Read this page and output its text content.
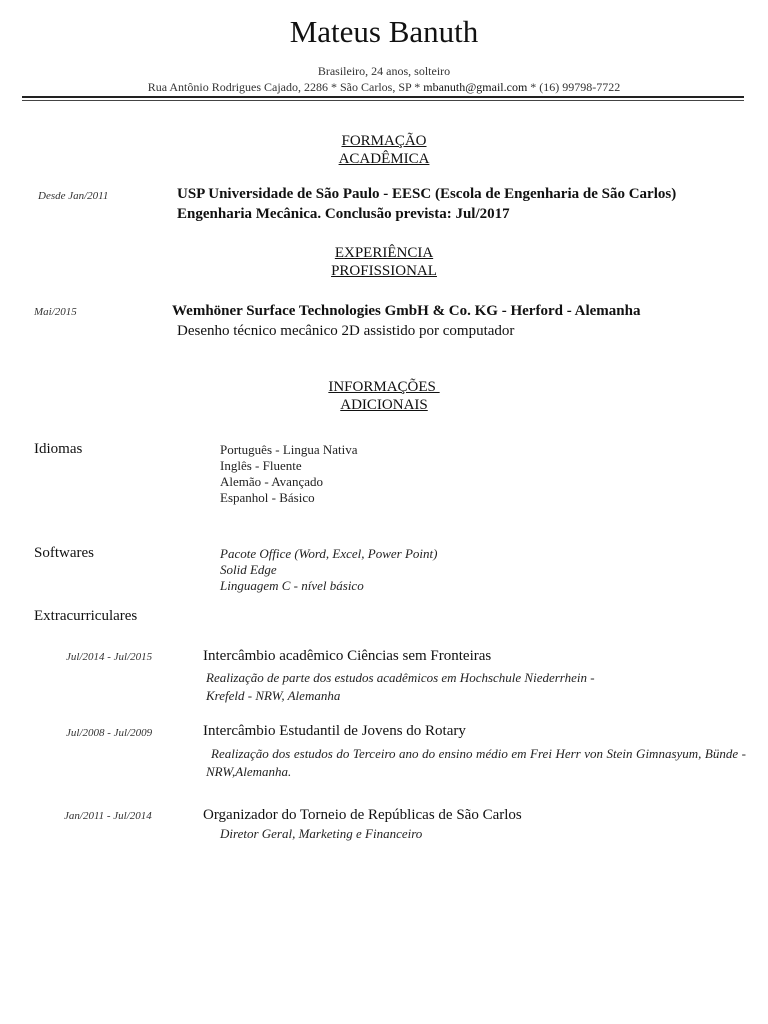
Mateus Banuth
Brasileiro, 24 anos, solteiro
Rua Antônio Rodrigues Cajado, 2286 * São Carlos, SP * mbanuth@gmail.com * (16) 99798-7722
FORMAÇÃO
ACADÊMICA
Desde Jan/2011	USP Universidade de São Paulo - EESC (Escola de Engenharia de São Carlos)
Engenharia Mecânica. Conclusão prevista: Jul/2017
EXPERIÊNCIA
PROFISSIONAL
Mai/2015	Wemhöner Surface Technologies GmbH & Co. KG - Herford - Alemanha
Desenho técnico mecânico 2D assistido por computador
INFORMAÇÕES
ADICIONAIS
Idiomas	Português - Lingua Nativa
Inglês - Fluente
Alemão - Avançado
Espanhol - Básico
Softwares	Pacote Office (Word, Excel, Power Point)
Solid Edge
Linguagem C - nível básico
Extracurriculares
Jul/2014 - Jul/2015	Intercâmbio acadêmico Ciências sem Fronteiras
Realização de parte dos estudos acadêmicos em Hochschule Niederrhein -
Krefeld - NRW, Alemanha
Jul/2008 - Jul/2009	Intercâmbio Estudantil de Jovens do Rotary
Realização dos estudos do Terceiro ano do ensino médio em Frei Herr von Stein Gimnasyum, Bünde - NRW,Alemanha.
Jan/2011 - Jul/2014	Organizador do Torneio de Repúblicas de São Carlos
Diretor Geral, Marketing e Financeiro
